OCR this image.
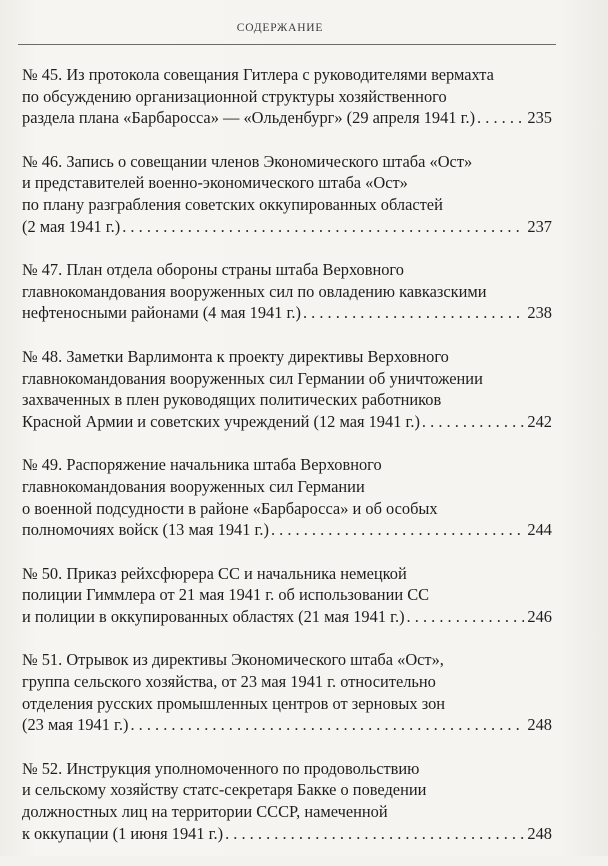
СОДЕРЖАНИЕ
№ 45. Из протокола совещания Гитлера с руководителями вермахта
по обсуждению организационной структуры хозяйственного
раздела плана «Барбаросса» — «Ольденбург» (29 апреля 1941 г.) . . .	235
№ 46. Запись о совещании членов Экономического штаба «Ост»
и представителей военно-экономического штаба «Ост»
по плану разграбления советских оккупированных областей
(2 мая 1941 г.) . . .	237
№ 47. План отдела обороны страны штаба Верховного
главнокомандования вооруженных сил по овладению кавказскими
нефтеносными районами (4 мая 1941 г.) . . .	238
№ 48. Заметки Варлимонта к проекту директивы Верховного
главнокомандования вооруженных сил Германии об уничтожении
захваченных в плен руководящих политических работников
Красной Армии и советских учреждений (12 мая 1941 г.) . . .	242
№ 49. Распоряжение начальника штаба Верховного
главнокомандования вооруженных сил Германии
о военной подсудности в районе «Барбаросса» и об особых
полномочиях войск (13 мая 1941 г.) . . .	244
№ 50. Приказ рейхсфюрера СС и начальника немецкой
полиции Гиммлера от 21 мая 1941 г. об использовании СС
и полиции в оккупированных областях (21 мая 1941 г.) . . .	246
№ 51. Отрывок из директивы Экономического штаба «Ост»,
группа сельского хозяйства, от 23 мая 1941 г. относительно
отделения русских промышленных центров от зерновых зон
(23 мая 1941 г.) . . .	248
№ 52. Инструкция уполномоченного по продовольствию
и сельскому хозяйству статс-секретаря Бакке о поведении
должностных лиц на территории СССР, намеченной
к оккупации (1 июня 1941 г.) . . .	248
